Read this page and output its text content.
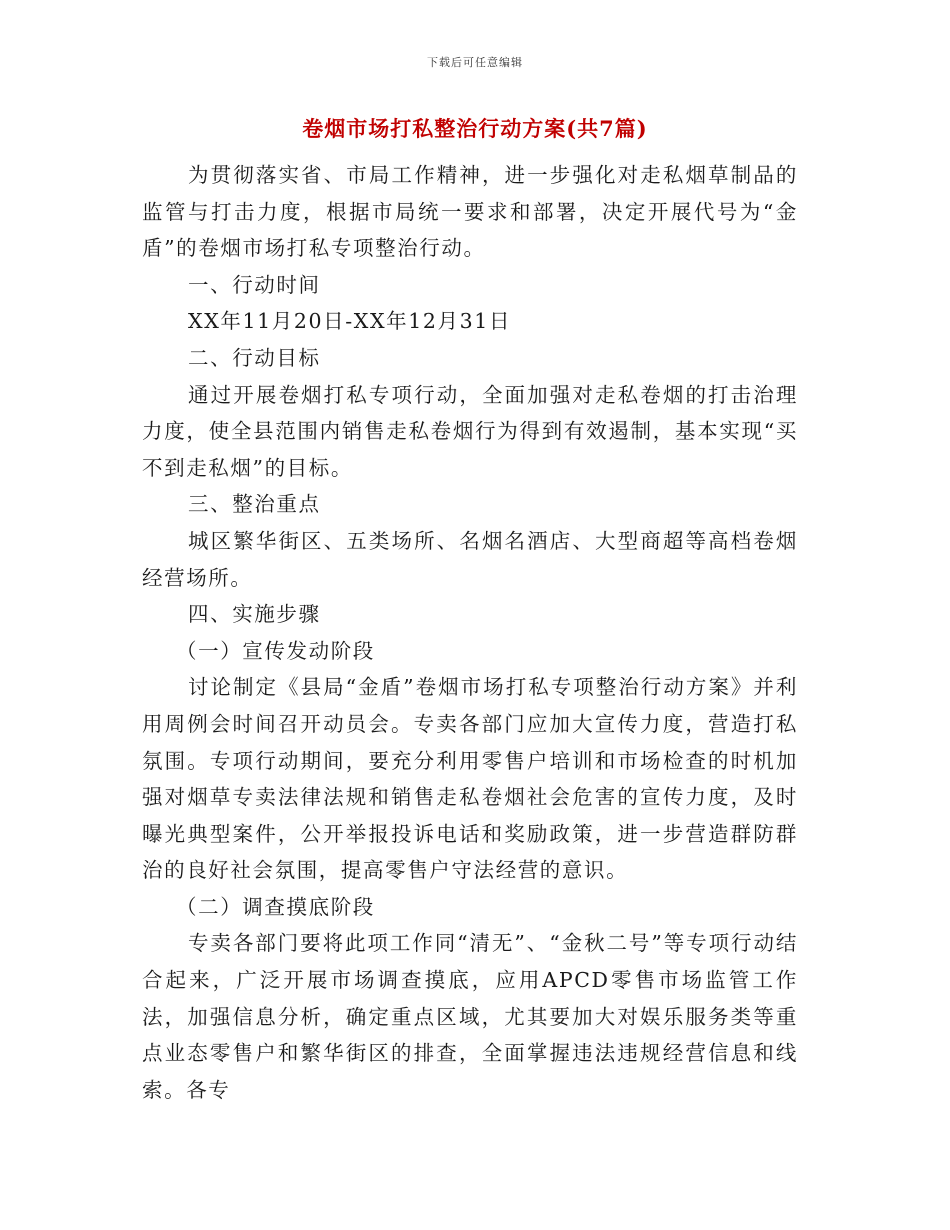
下载后可任意编辑
卷烟市场打私整治行动方案(共7篇)

为贯彻落实省、市局工作精神，进一步强化对走私烟草制品的监管与打击力度，根据市局统一要求和部署，决定开展代号为“金盾”的卷烟市场打私专项整治行动。

一、行动时间

XX年11月20日-XX年12月31日

二、行动目标

通过开展卷烟打私专项行动，全面加强对走私卷烟的打击治理力度，使全县范围内销售走私卷烟行为得到有效遏制，基本实现“买不到走私烟”的目标。

三、整治重点

城区繁华街区、五类场所、名烟名酒店、大型商超等高档卷烟经营场所。

四、实施步骤

（一）宣传发动阶段

讨论制定《县局“金盾”卷烟市场打私专项整治行动方案》并利用周例会时间召开动员会。专卖各部门应加大宣传力度，营造打私氛围。专项行动期间，要充分利用零售户培训和市场检查的时机加强对烟草专卖法律法规和销售走私卷烟社会危害的宣传力度，及时曝光典型案件，公开举报投诉电话和奖励政策，进一步营造群防群治的良好社会氛围，提高零售户守法经营的意识。

（二）调查摸底阶段

专卖各部门要将此项工作同“清无”、“金秋二号”等专项行动结合起来，广泛开展市场调查摸底，应用APCD零售市场监管工作法，加强信息分析，确定重点区域，尤其要加大对娱乐服务类等重点业态零售户和繁华街区的排查，全面掌握违法违规经营信息和线索。各专
